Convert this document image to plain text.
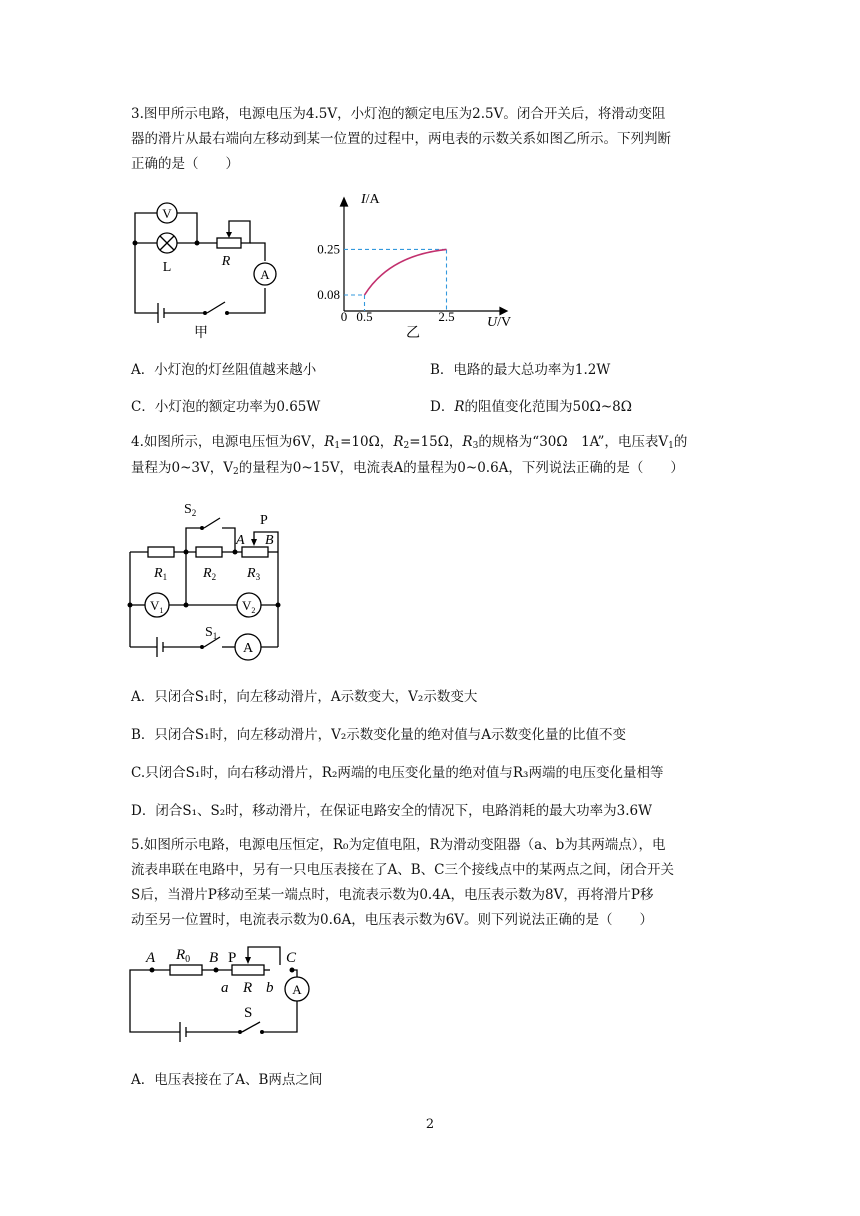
3.图甲所示电路，电源电压为4.5V，小灯泡的额定电压为2.5V。闭合开关后，将滑动变阻
器的滑片从最右端向左移动到某一位置的过程中，两电表的示数关系如图乙所示。下列判断
正确的是（　　）
V
L	R
A
甲
I/A
U/V
0 0.5	2.5
0.08
0.25
乙
A．小灯泡的灯丝阻值越来越小	B．电路的最大总功率为1.2W
C．小灯泡的额定功率为0.65W	D．R的阻值变化范围为50Ω~8Ω
4.如图所示，电源电压恒为6V，$R_1=10\Omega$，$R_2=15\Omega$，$R_3$的规格为“30Ω　1A”，电压表$V_1$的
量程为0~3V，$V_2$的量程为0~15V，电流表A的量程为0~0.6A，下列说法正确的是（　　）
$S_2$	P
A B
$R_1$	$R_2$ $R_3$
$V_1$	$V_2$
$S_1$
A
A．只闭合S₁时，向左移动滑片，A示数变大，V₂示数变大
B．只闭合S₁时，向左移动滑片，V₂示数变化量的绝对值与A示数变化量的比值不变
C.只闭合S₁时，向右移动滑片，R₂两端的电压变化量的绝对值与R₃两端的电压变化量相等
D．闭合S₁、S₂时，移动滑片，在保证电路安全的情况下，电路消耗的最大功率为3.6W
5.如图所示电路，电源电压恒定，R₀为定值电阻，R为滑动变阻器（a、b为其两端点），电
流表串联在电路中，另有一只电压表接在了A、B、C三个接线点中的某两点之间，闭合开关
S后，当滑片P移动至某一端点时，电流表示数为0.4A，电压表示数为8V，再将滑片P移
动至另一位置时，电流表示数为0.6A，电压表示数为6V。则下列说法正确的是（　　）
A $R_0$ B P	C
a R b A
S
A．电压表接在了A、B两点之间
2
